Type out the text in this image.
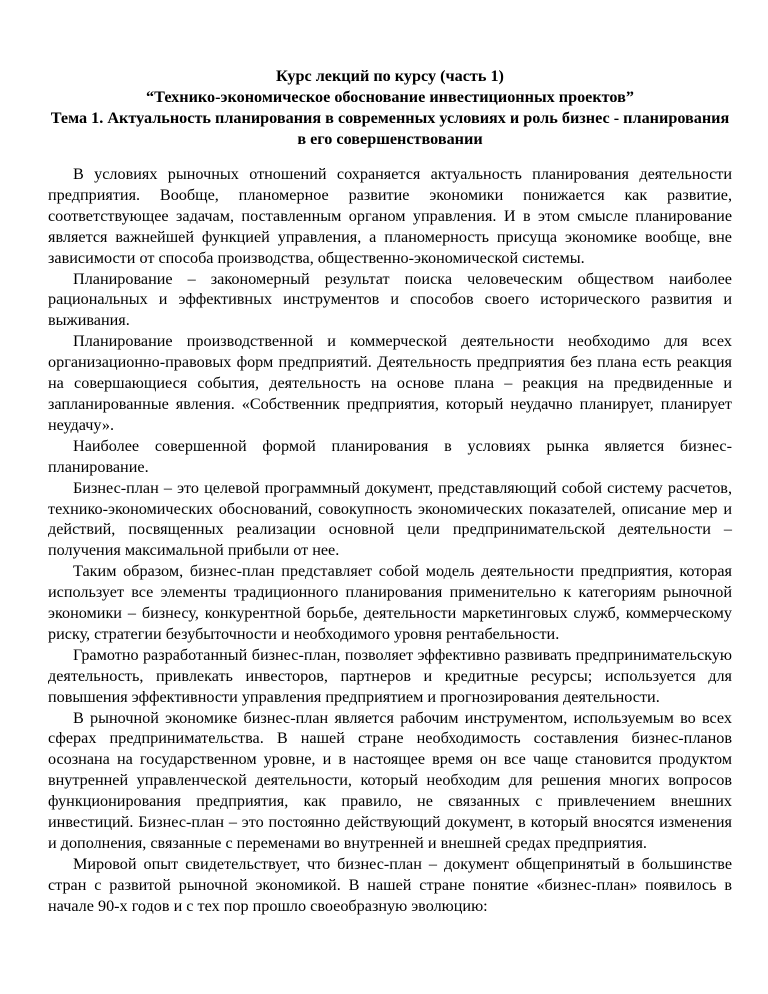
Курс лекций по курсу (часть 1)

“Технико-экономическое обоснование инвестиционных проектов”

Тема 1. Актуальность планирования в современных условиях и роль бизнес - планирования в его совершенствовании

В условиях рыночных отношений сохраняется актуальность планирования деятельности предприятия. Вообще, планомерное развитие экономики понижается как развитие, соответствующее задачам, поставленным органом управления. И в этом смысле планирование является важнейшей функцией управления, а планомерность присуща экономике вообще, вне зависимости от способа производства, общественно-экономической системы.

Планирование – закономерный результат поиска человеческим обществом наиболее рациональных и эффективных инструментов и способов своего исторического развития и выживания.

Планирование производственной и коммерческой деятельности необходимо для всех организационно-правовых форм предприятий. Деятельность предприятия без плана есть реакция на совершающиеся события, деятельность на основе плана – реакция на предвиденные и запланированные явления. «Собственник предприятия, который неудачно планирует, планирует неудачу».

Наиболее совершенной формой планирования в условиях рынка является бизнес-планирование.

Бизнес-план – это целевой программный документ, представляющий собой систему расчетов, технико-экономических обоснований, совокупность экономических показателей, описание мер и действий, посвященных реализации основной цели предпринимательской деятельности – получения максимальной прибыли от нее.

Таким образом, бизнес-план представляет собой модель деятельности предприятия, которая использует все элементы традиционного планирования применительно к категориям рыночной экономики – бизнесу, конкурентной борьбе, деятельности маркетинговых служб, коммерческому риску, стратегии безубыточности и необходимого уровня рентабельности.

Грамотно разработанный бизнес-план, позволяет эффективно развивать предпринимательскую деятельность, привлекать инвесторов, партнеров и кредитные ресурсы; используется для повышения эффективности управления предприятием и прогнозирования деятельности.

В рыночной экономике бизнес-план является рабочим инструментом, используемым во всех сферах предпринимательства. В нашей стране необходимость составления бизнес-планов осознана на государственном уровне, и в настоящее время он все чаще становится продуктом внутренней управленческой деятельности, который необходим для решения многих вопросов функционирования предприятия, как правило, не связанных с привлечением внешних инвестиций. Бизнес-план – это постоянно действующий документ, в который вносятся изменения и дополнения, связанные с переменами во внутренней и внешней средах предприятия.

Мировой опыт свидетельствует, что бизнес-план – документ общепринятый в большинстве стран с развитой рыночной экономикой. В нашей стране понятие «бизнес-план» появилось в начале 90-х годов и с тех пор прошло своеобразную эволюцию:
